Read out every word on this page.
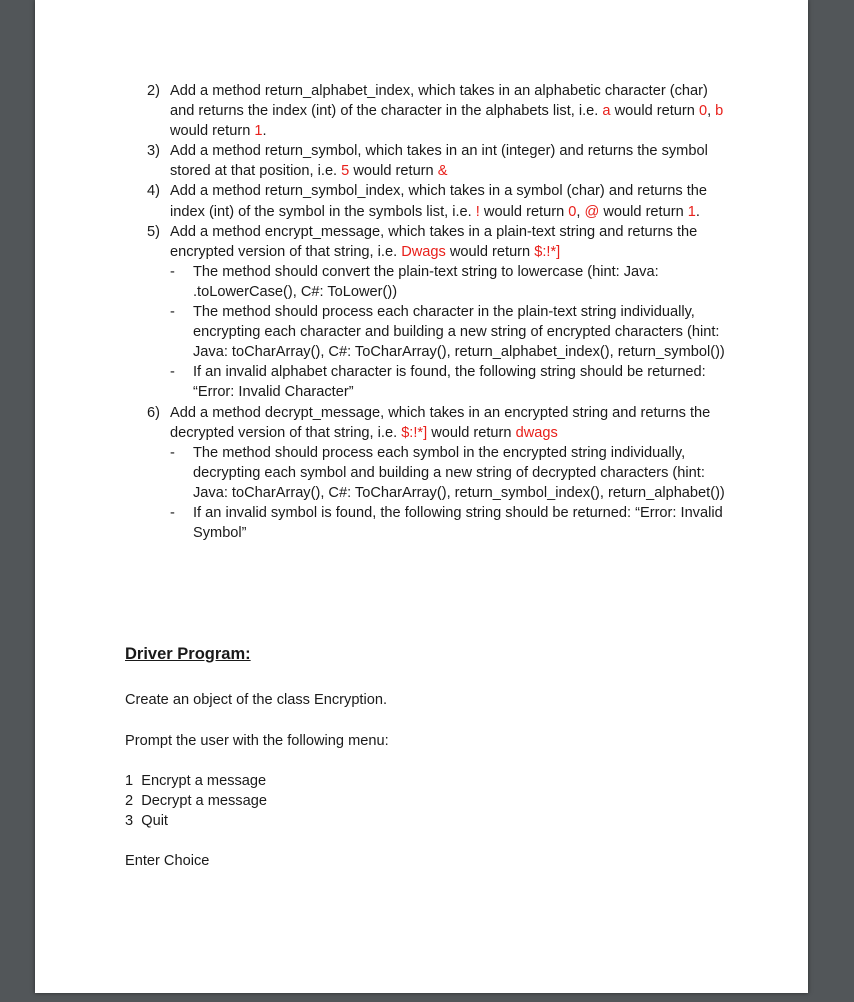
2) Add a method return_alphabet_index, which takes in an alphabetic character (char) and returns the index (int) of the character in the alphabets list, i.e. a would return 0, b would return 1.
3) Add a method return_symbol, which takes in an int (integer) and returns the symbol stored at that position, i.e. 5 would return &
4) Add a method return_symbol_index, which takes in a symbol (char) and returns the index (int) of the symbol in the symbols list, i.e. ! would return 0, @ would return 1.
5) Add a method encrypt_message, which takes in a plain-text string and returns the encrypted version of that string, i.e. Dwags would return $:!*]
-	The method should convert the plain-text string to lowercase (hint: Java: .toLowerCase(), C#: ToLower())
-	The method should process each character in the plain-text string individually, encrypting each character and building a new string of encrypted characters (hint: Java: toCharArray(), C#: ToCharArray(), return_alphabet_index(), return_symbol())
-	If an invalid alphabet character is found, the following string should be returned: “Error: Invalid Character”
6) Add a method decrypt_message, which takes in an encrypted string and returns the decrypted version of that string, i.e. $:!*] would return dwags
-	The method should process each symbol in the encrypted string individually, decrypting each symbol and building a new string of decrypted characters (hint: Java: toCharArray(), C#: ToCharArray(), return_symbol_index(), return_alphabet())
-	If an invalid symbol is found, the following string should be returned: “Error: Invalid Symbol”
Driver Program:
Create an object of the class Encryption.
Prompt the user with the following menu:
1  Encrypt a message
2  Decrypt a message
3  Quit
Enter Choice
